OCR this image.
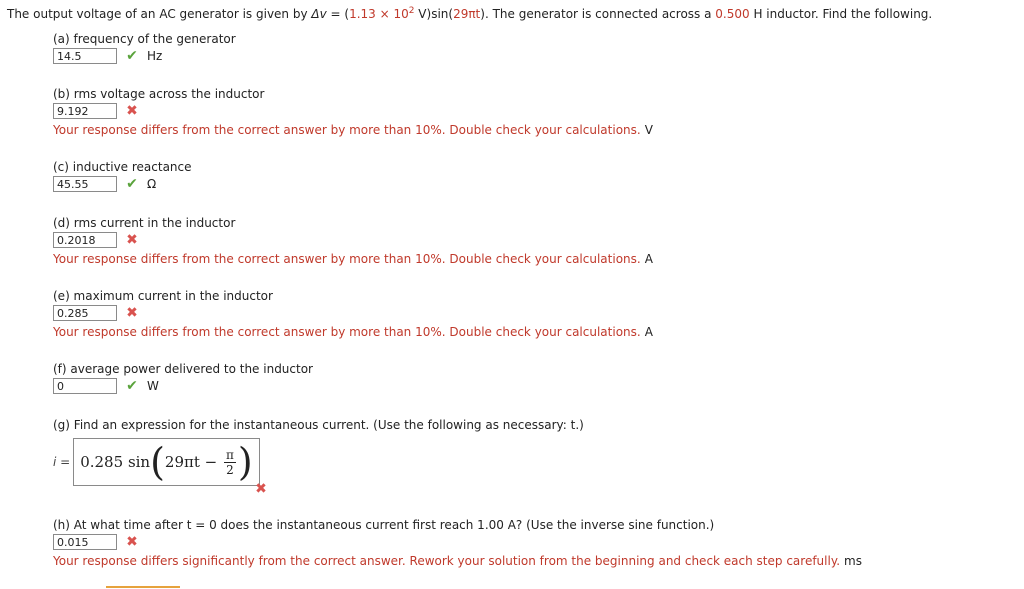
The output voltage of an AC generator is given by $\Delta v = (1.13 \times 10^2$ V)sin(29πt). The generator is connected across a 0.500 H inductor. Find the following.
(a) frequency of the generator
14.5
✔ Hz
(b) rms voltage across the inductor
9.192
✖
Your response differs from the correct answer by more than 10%. Double check your calculations. V
(c) inductive reactance
45.55
✔ Ω
(d) rms current in the inductor
0.2018
✖
Your response differs from the correct answer by more than 10%. Double check your calculations. A
(e) maximum current in the inductor
0.285
✖
Your response differs from the correct answer by more than 10%. Double check your calculations. A
(f) average power delivered to the inductor
0
✔ W
(g) Find an expression for the instantaneous current. (Use the following as necessary: t.)
i = 0.285
sin ( 29πt −
$\frac{\pi}{2}$ )
✖
(h) At what time after t = 0 does the instantaneous current first reach 1.00 A? (Use the inverse sine function.)
0.015
✖
Your response differs significantly from the correct answer. Rework your solution from the beginning and check each step carefully. ms
